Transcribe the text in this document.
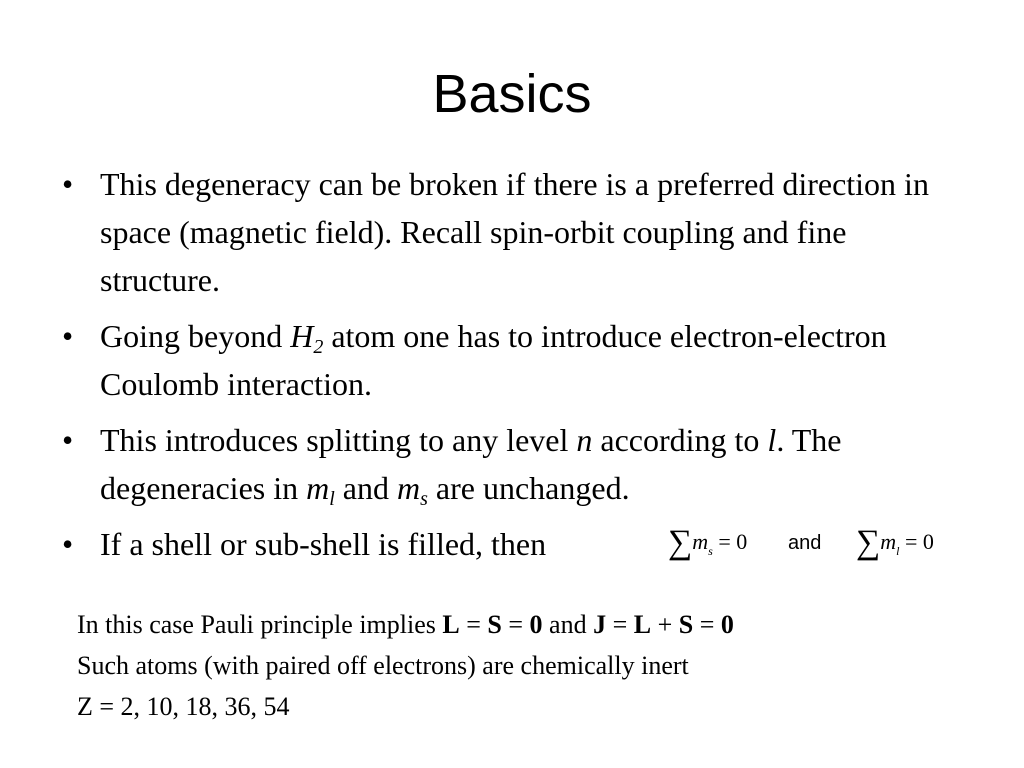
Basics
• This degeneracy can be broken if there is a preferred direction in space (magnetic field). Recall spin-orbit coupling and fine structure.
• Going beyond $H_2$ atom one has to introduce electron-electron Coulomb interaction.
• This introduces splitting to any level n according to l. The degeneracies in $m_l$ and $m_s$ are unchanged.
• If a shell or sub-shell is filled, then	$\sum m_s = 0$ and $\sum m_l = 0$
In this case Pauli principle implies L = S = 0 and J = L + S = 0
Such atoms (with paired off electrons) are chemically inert
Z = 2, 10, 18, 36, 54
